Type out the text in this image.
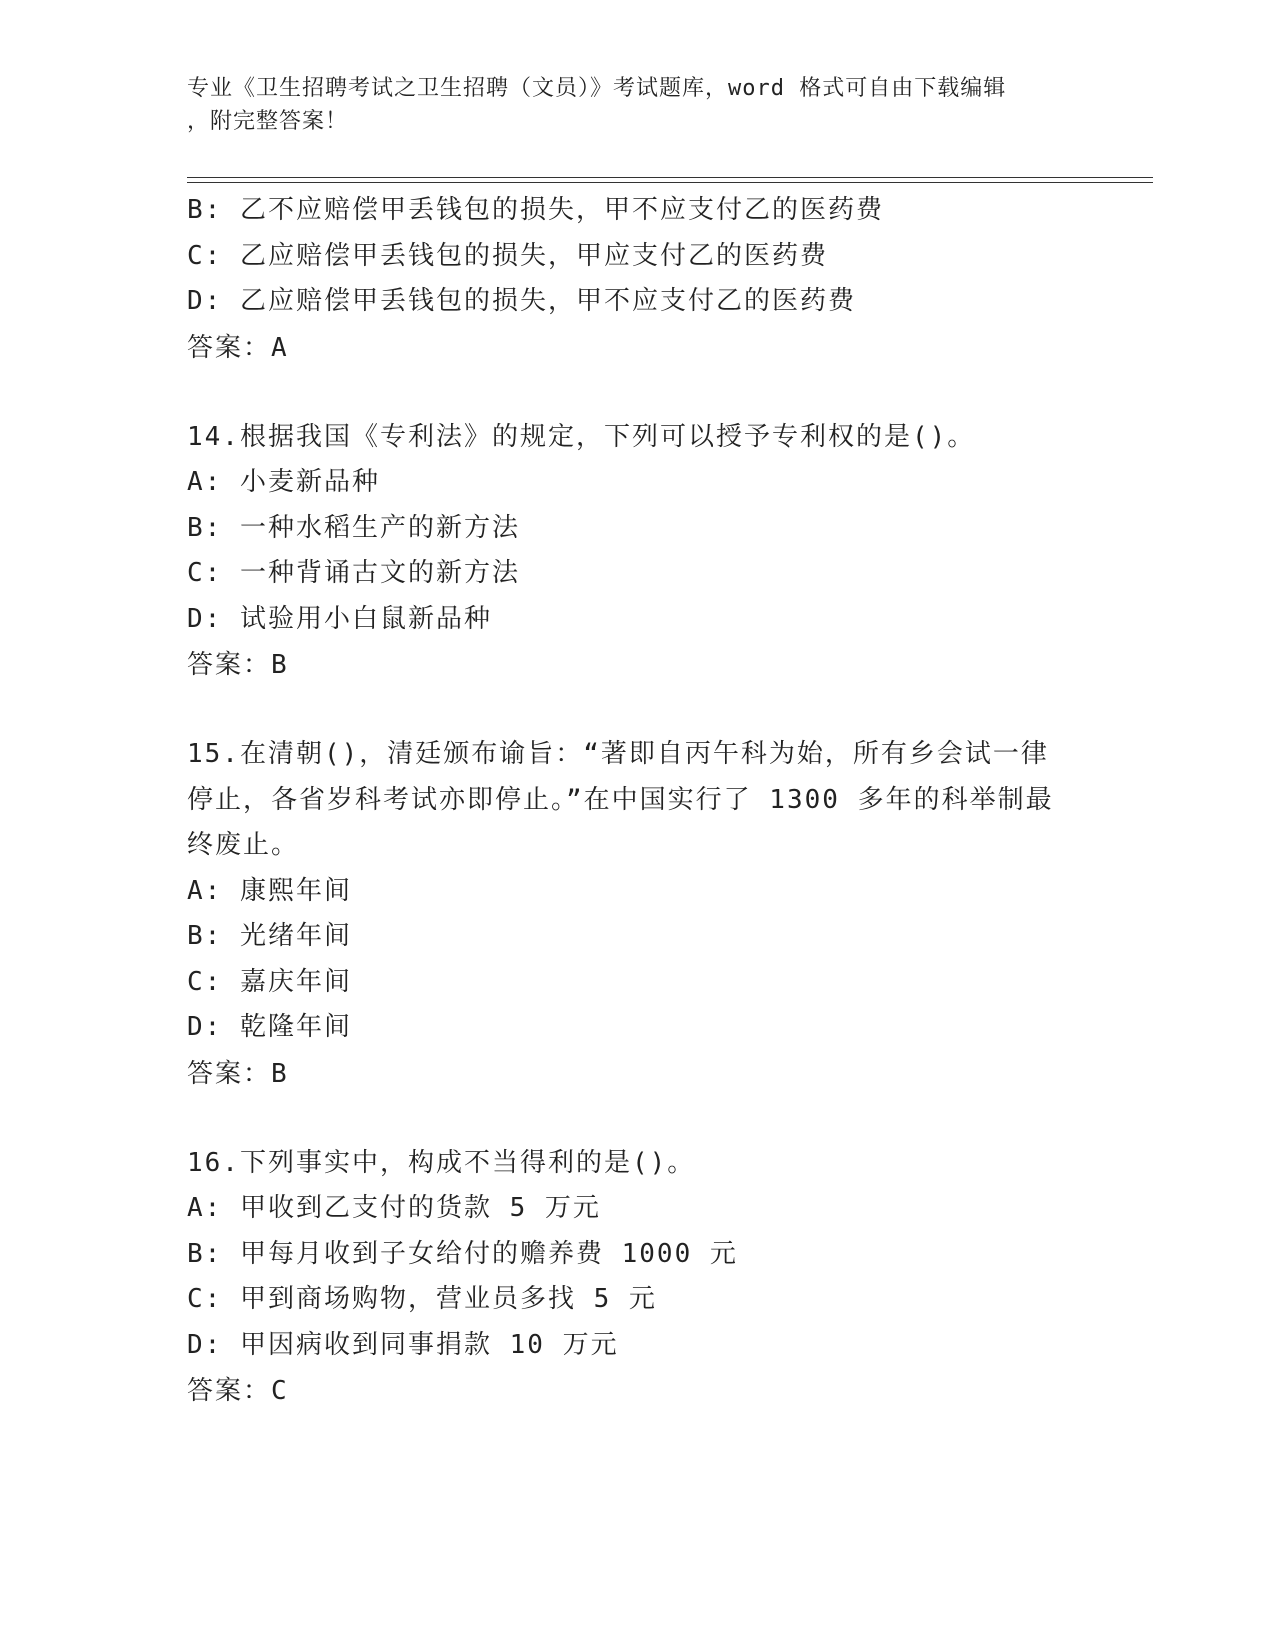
专业《卫生招聘考试之卫生招聘（文员）》考试题库，word 格式可自由下载编辑
，附完整答案！
B: 乙不应赔偿甲丢钱包的损失，甲不应支付乙的医药费
C: 乙应赔偿甲丢钱包的损失，甲应支付乙的医药费
D: 乙应赔偿甲丢钱包的损失，甲不应支付乙的医药费
答案：A
14.根据我国《专利法》的规定，下列可以授予专利权的是()。
A: 小麦新品种
B: 一种水稻生产的新方法
C: 一种背诵古文的新方法
D: 试验用小白鼠新品种
答案：B
15.在清朝()，清廷颁布谕旨：“著即自丙午科为始，所有乡会试一律
停止，各省岁科考试亦即停止。”在中国实行了 1300 多年的科举制最
终废止。
A: 康熙年间
B: 光绪年间
C: 嘉庆年间
D: 乾隆年间
答案：B
16.下列事实中，构成不当得利的是()。
A: 甲收到乙支付的货款 5 万元
B: 甲每月收到子女给付的赡养费 1000 元
C: 甲到商场购物，营业员多找 5 元
D: 甲因病收到同事捐款 10 万元
答案：C
